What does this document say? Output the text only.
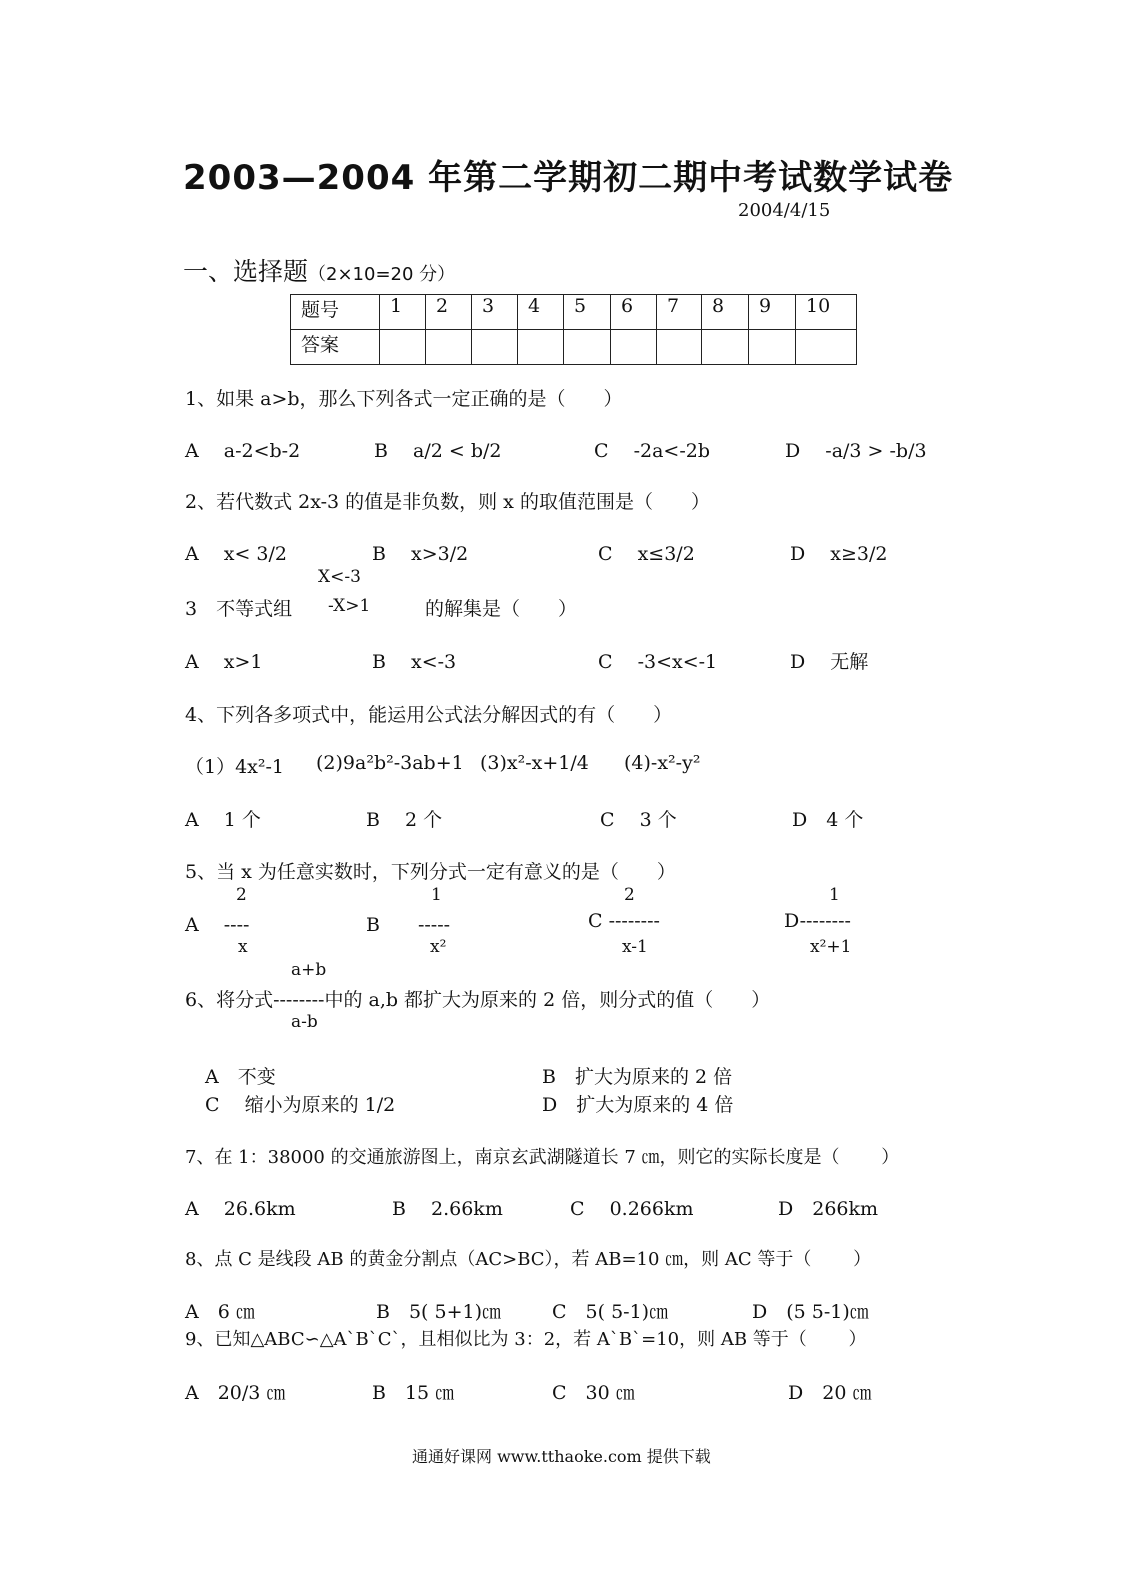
2003—2004 年第二学期初二期中考试数学试卷
2004/4/15
一、选择题（2×10=20 分）
题号	1	2	3	4	5	6	7	8	9	10
答案										
1、如果 a>b，那么下列各式一定正确的是（　　）
A　 a-2<b-2	B　 a/2 < b/2	C　 -2a<-2b	D　 -a/3 > -b/3
2、若代数式 2x-3 的值是非负数，则 x 的取值范围是（　　）
A　 x< 3/2	B　 x>3/2	C　 x≤3/2	D　 x≥3/2
X<-3
3　不等式组 -X>1	的解集是（　　）
A　 x>1	B　 x<-3	C　 -3<x<-1	D　 无解
4、下列各多项式中，能运用公式法分解因式的有（　　）
（1）4x²-1 (2)9a²b²-3ab+1 (3)x²-x+1/4 (4)-x²-y²
A　 1 个	B　 2 个	C　 3 个	D　4 个
5、当 x 为任意实数时，下列分式一定有意义的是（　　）
2	1	2	1
A　 ----	B　　-----	C --------	D--------
x	x²	x-1	x²+1
a+b
6、将分式--------中的 a,b 都扩大为原来的 2 倍，则分式的值（　　）
a-b
A　不变	B　扩大为原来的 2 倍
C　 缩小为原来的 1/2	D　扩大为原来的 4 倍
7、在 1：38000 的交通旅游图上，南京玄武湖隧道长 7 ㎝，则它的实际长度是（　　 ）
A　 26.6km	B　 2.66km	C　 0.266km	D　266km
8、点 C 是线段 AB 的黄金分割点（AC>BC），若 AB=10 ㎝，则 AC 等于（　　 ）
A　6 ㎝	B　5( 5+1)㎝	C　5( 5-1)㎝	D　(5 5-1)㎝
9、已知△ABC∽△A`B`C`，且相似比为 3：2，若 A`B`=10，则 AB 等于（　　 ）
A　20/3 ㎝	B　15 ㎝	C　30 ㎝	D　20 ㎝
通通好课网 www.tthaoke.com 提供下载
